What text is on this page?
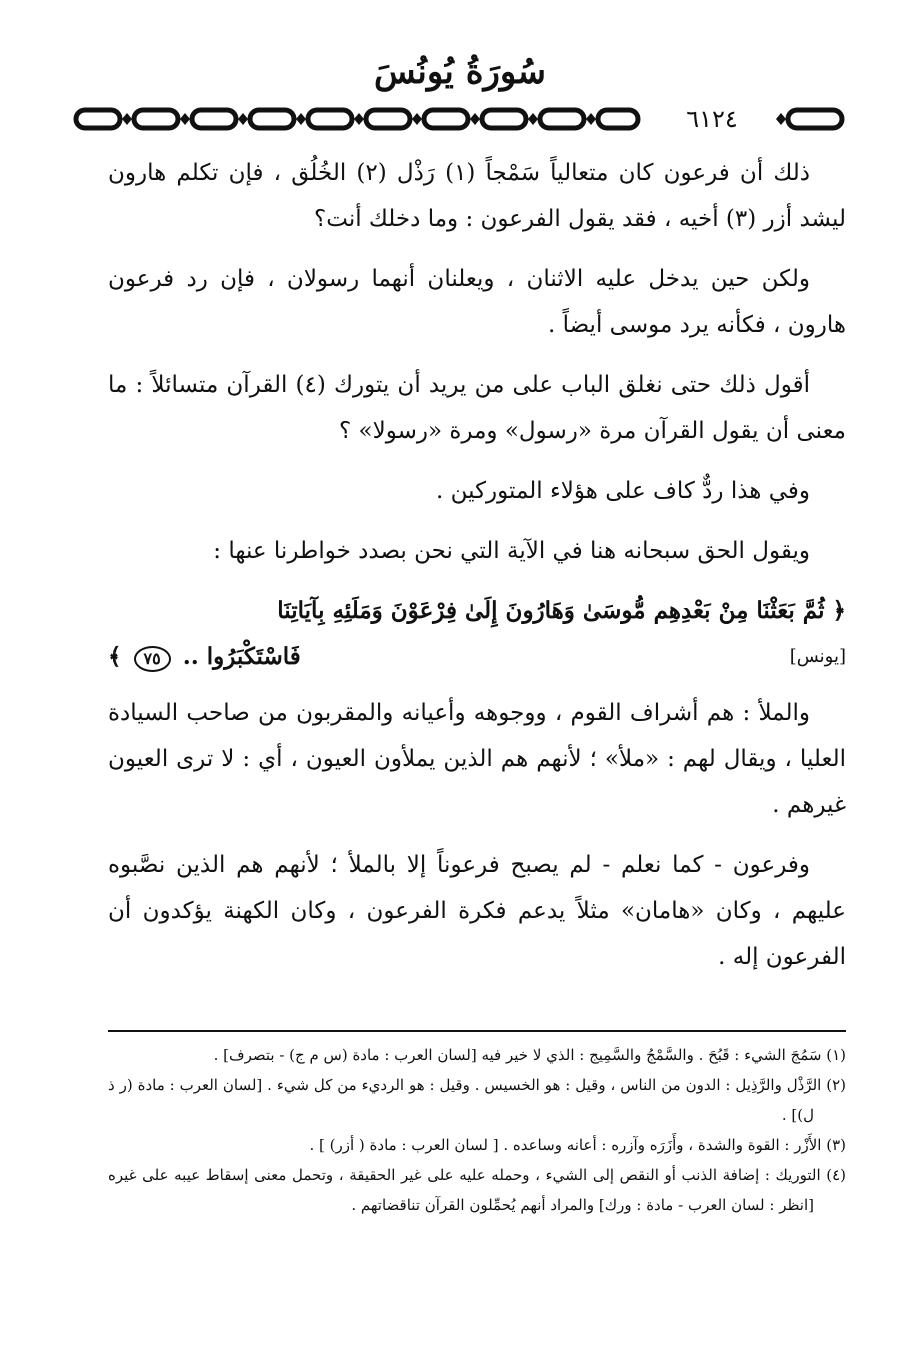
سُورَةُ يُونُسَ
٦١٢٤

ذلك أن فرعون كان متعالياً سَمْجاً (١) رَذْل (٢) الخُلُق ، فإن تكلم هارون ليشد أزر (٣) أخيه ، فقد يقول الفرعون : وما دخلك أنت؟

ولكن حين يدخل عليه الاثنان ، ويعلنان أنهما رسولان ، فإن رد فرعون هارون ، فكأنه يرد موسى أيضاً .

أقول ذلك حتى نغلق الباب على من يريد أن يتورك (٤) القرآن متسائلاً : ما معنى أن يقول القرآن مرة «رسول» ومرة «رسولا» ؟

وفي هذا ردٌّ كاف على هؤلاء المتوركين .

ويقول الحق سبحانه هنا في الآية التي نحن بصدد خواطرنا عنها :

﴿ ثُمَّ بَعَثْنَا مِنْ بَعْدِهِم مُّوسَىٰ وَهَارُونَ إِلَىٰ فِرْعَوْنَ وَمَلَئِهِ بِآيَاتِنَا
فَاسْتَكْبَرُوا .. ٧٥ ﴾	[يونس]

والملأ : هم أشراف القوم ، ووجوهه وأعيانه والمقربون من صاحب السيادة العليا ، ويقال لهم : «ملأ» ؛ لأنهم هم الذين يملأون العيون ، أي : لا ترى العيون غيرهم .

وفرعون - كما نعلم - لم يصبح فرعوناً إلا بالملأ ؛ لأنهم هم الذين نصَّبوه عليهم ، وكان «هامان» مثلاً يدعم فكرة الفرعون ، وكان الكهنة يؤكدون أن الفرعون إله .

(١) سَمُجَ الشيء : قَبُحَ . والسَّمْجُ والسَّمِيج : الذي لا خير فيه [لسان العرب : مادة (س م ج) - بتصرف] .

(٢) الرَّذْل والرَّذِيل : الدون من الناس ، وقيل : هو الخسيس . وقيل : هو الرديء من كل شيء . [لسان العرب : مادة (ر ذ ل)] .

(٣) الأَزْر : القوة والشدة ، وأَزَرَه وآزره : أعانه وساعده . [ لسان العرب : مادة ( أزر) ] .

(٤) التوريك : إضافة الذنب أو النقص إلى الشيء ، وحمله عليه على غير الحقيقة ، وتحمل معنى إسقاط عيبه على غيره [انظر : لسان العرب - مادة : ورك] والمراد أنهم يُحمِّلون القرآن تناقضاتهم .
